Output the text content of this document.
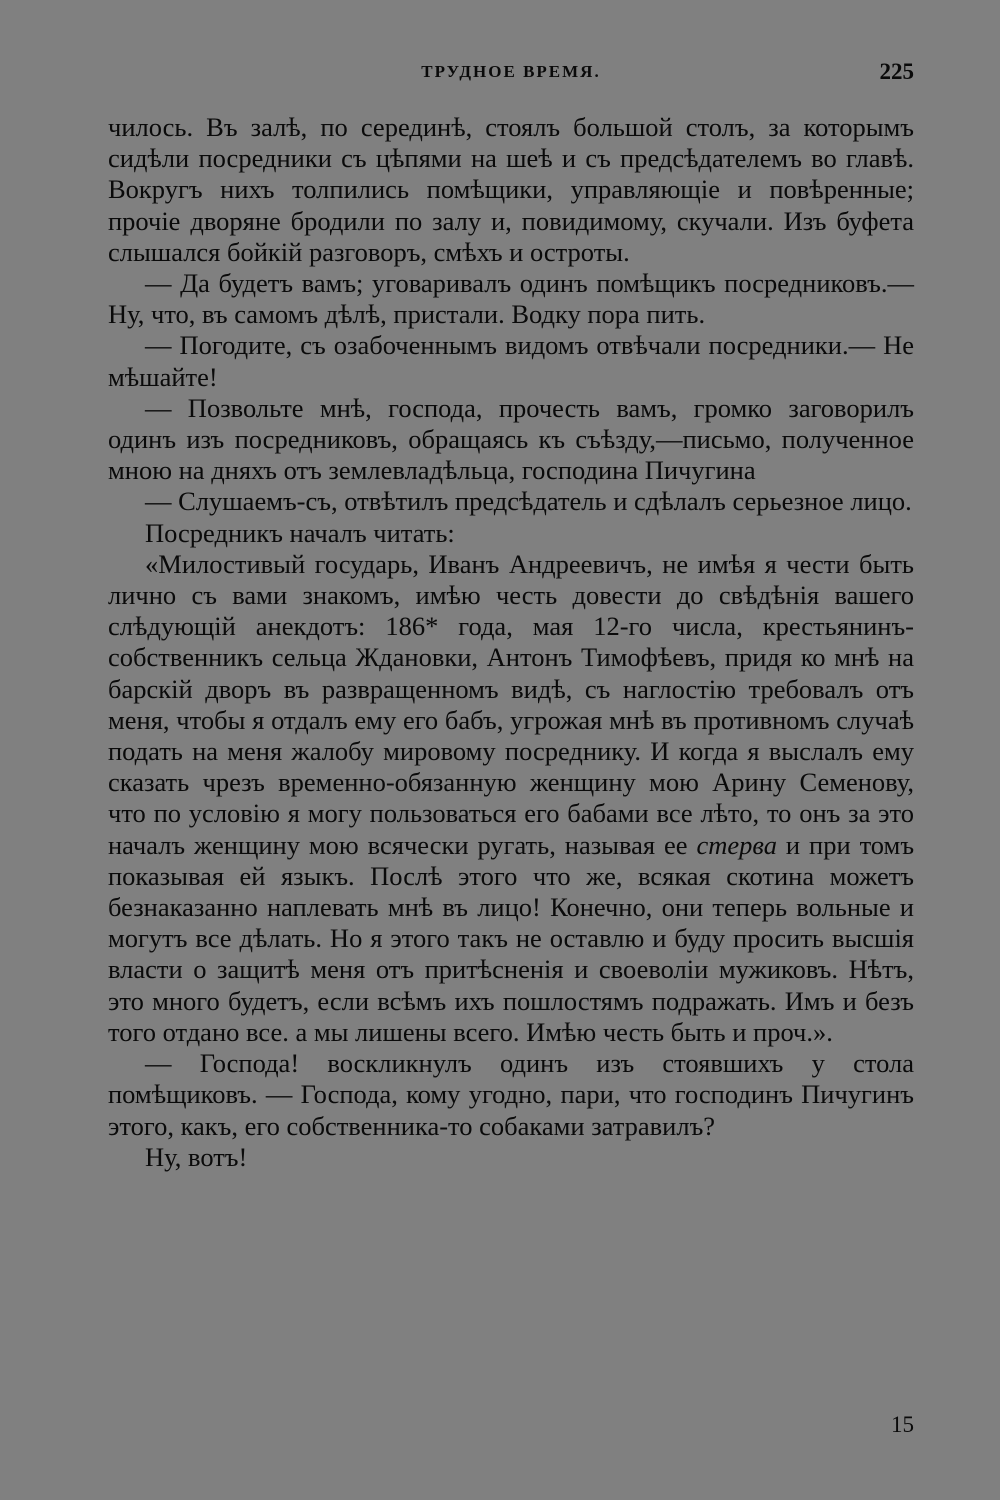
ТРУДНОЕ ВРЕМЯ.	225

чилось. Въ залѣ, по серединѣ, стоялъ большой столъ, за которымъ сидѣли посредники съ цѣпями на шеѣ и съ предсѣдателемъ во главѣ. Вокругъ нихъ толпились помѣщики, управляющіе и повѣренные; прочіе дворяне бродили по залу и, повидимому, скучали. Изъ буфета слышался бойкій разговоръ, смѣхъ и остроты.

— Да будетъ вамъ; уговаривалъ одинъ помѣщикъ посредниковъ.—Ну, что, въ самомъ дѣлѣ, пристали. Водку пора пить.

— Погодите, съ озабоченнымъ видомъ отвѣчали посредники.— Не мѣшайте!

— Позвольте мнѣ, господа, прочесть вамъ, громко заговорилъ одинъ изъ посредниковъ, обращаясь къ съѣзду,—письмо, полученное мною на дняхъ отъ землевладѣльца, господина Пичугина

— Слушаемъ-съ, отвѣтилъ предсѣдатель и сдѣлалъ серьезное лицо.

Посредникъ началъ читать:

«Милостивый государь, Иванъ Андреевичъ, не имѣя я чести быть лично съ вами знакомъ, имѣю честь довести до свѣдѣнія вашего слѣдующій анекдотъ: 186* года, мая 12-го числа, крестьянинъ-собственникъ сельца Ждановки, Антонъ Тимофѣевъ, придя ко мнѣ на барскій дворъ въ развращенномъ видѣ, съ наглостію требовалъ отъ меня, чтобы я отдалъ ему его бабъ, угрожая мнѣ въ противномъ случаѣ подать на меня жалобу мировому посреднику. И когда я выслалъ ему сказать чрезъ временно-обязанную женщину мою Арину Семенову, что по условію я могу пользоваться его бабами все лѣто, то онъ за это началъ женщину мою всячески ругать, называя ее стерва и при томъ показывая ей языкъ. Послѣ этого что же, всякая скотина можетъ безнаказанно наплевать мнѣ въ лицо! Конечно, они теперь вольные и могутъ все дѣлать. Но я этого такъ не оставлю и буду просить высшія власти о защитѣ меня отъ притѣсненія и своеволіи мужиковъ. Нѣтъ, это много будетъ, если всѣмъ ихъ пошлостямъ подражать. Имъ и безъ того отдано все. а мы лишены всего. Имѣю честь быть и проч.».

— Господа! воскликнулъ одинъ изъ стоявшихъ у стола помѣщиковъ. — Господа, кому угодно, пари, что господинъ Пичугинъ этого, какъ, его собственника-то собаками затравилъ?

Ну, вотъ!

15
